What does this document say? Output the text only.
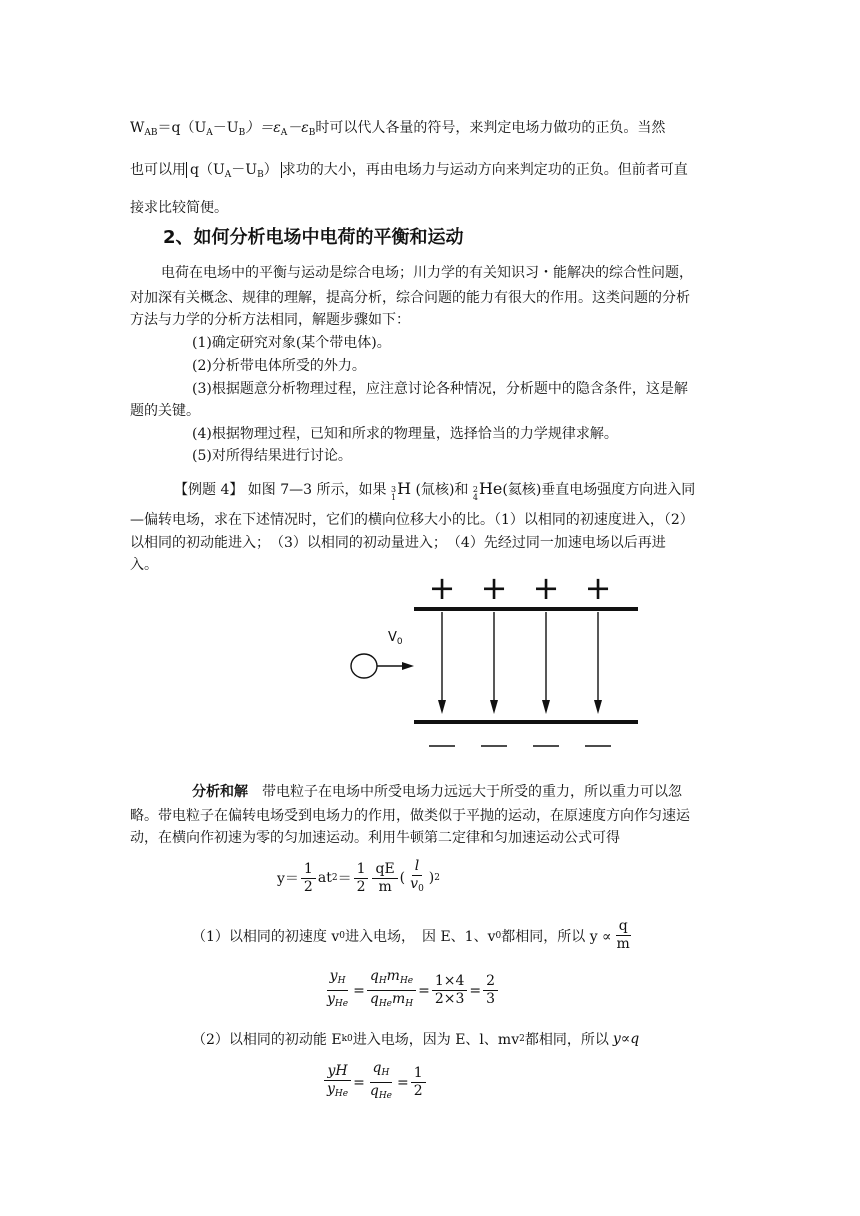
$W_{AB}=q(U_A-U_B)=\varepsilon_A-\varepsilon_B$时可以代人各量的符号，来判定电场力做功的正负。当然
也可以用 $q(U_A-U_B)$ 求功的大小，再由电场力与运动方向来判定功的正负。但前者可直
接求比较简便。
2、如何分析电场中电荷的平衡和运动
电荷在电场中的平衡与运动是综合电场；川力学的有关知识习・能解决的综合性问题，
对加深有关概念、规律的理解，提高分析，综合问题的能力有很大的作用。这类问题的分析
方法与力学的分析方法相同，解题步骤如下：
(1)确定研究对象(某个带电体)。
(2)分析带电体所受的外力。
(3)根据题意分析物理过程，应注意讨论各种情况，分析题中的隐含条件，这是解
题的关键。
(4)根据物理过程，已知和所求的物理量，选择恰当的力学规律求解。
(5)对所得结果进行讨论。
【例题 4】 如图 7—3 所示，如果 3
1 H (氚核)和 2
4 He(氦核)垂直电场强度方向进入同
—偏转电场，求在下述情况时，它们的横向位移大小的比。（1）以相同的初速度进入，（2）
以相同的初动能进入；　（3）以相同的初动量进入；　（4）先经过同一加速电场以后再进
入。
+ + + +
$V_0$
分析和解　带电粒子在电场中所受电场力远远大于所受的重力，所以重力可以忽
略。带电粒子在偏转电场受到电场力的作用，做类似于平抛的运动，在原速度方向作匀速运
动，在横向作初速为零的匀加速运动。利用牛顿第二定律和匀加速运动公式可得
$y= \frac{1}{2}$ at $2 = \frac{1}{2} \frac{qE}{m}$ ( $\frac{l}{v_0}$ ) 2
（1）以相同的初速度 v 0 进入电场，　因 E、1、v 0 都相同，所以 $y \propto \frac{q}{m}$
$\frac{y_H}{y_{He}} = \frac{q_Hm_{He}}{q_{He}m_H} = \frac{1\times 4}{2\times 3} = \frac{2}{3}$
（2）以相同的初动能 E k0 进入电场，因为 E、l、mv 2 都相同，所以 y ∝ q
$\frac{yH}{y_{He}} = \frac{q_H}{q_{He}} = \frac{1}{2}$
